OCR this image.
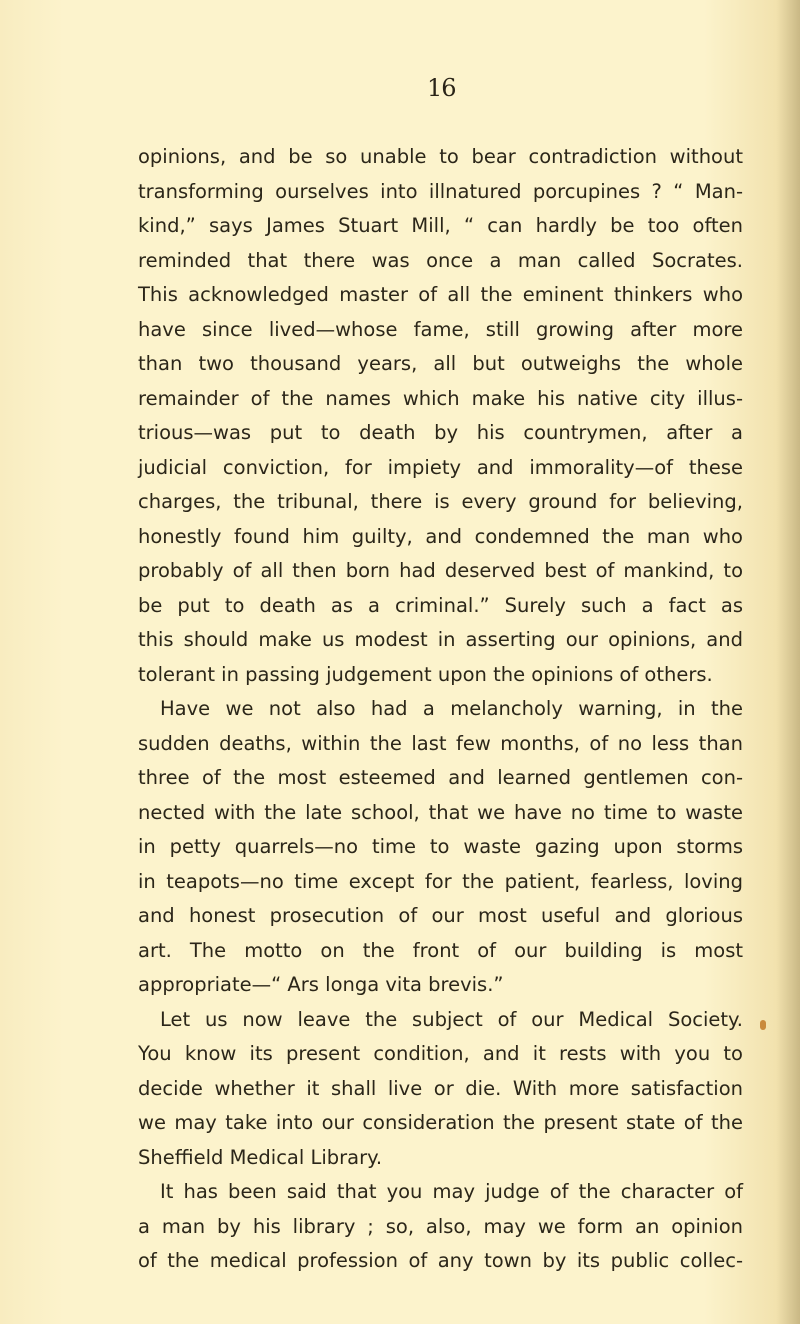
16
opinions, and be so unable to bear contradiction without
transforming ourselves into illnatured porcupines ? “ Man-
kind,” says James Stuart Mill, “ can hardly be too often
reminded that there was once a man called Socrates.
This acknowledged master of all the eminent thinkers who
have since lived—whose fame, still growing after more
than two thousand years, all but outweighs the whole
remainder of the names which make his native city illus-
trious—was put to death by his countrymen, after a
judicial conviction, for impiety and immorality—of these
charges, the tribunal, there is every ground for believing,
honestly found him guilty, and condemned the man who
probably of all then born had deserved best of mankind, to
be put to death as a criminal.” Surely such a fact as
this should make us modest in asserting our opinions, and
tolerant in passing judgement upon the opinions of others.
Have we not also had a melancholy warning, in the
sudden deaths, within the last few months, of no less than
three of the most esteemed and learned gentlemen con-
nected with the late school, that we have no time to waste
in petty quarrels—no time to waste gazing upon storms
in teapots—no time except for the patient, fearless, loving
and honest prosecution of our most useful and glorious
art. The motto on the front of our building is most
appropriate—“ Ars longa vita brevis.”
Let us now leave the subject of our Medical Society.
You know its present condition, and it rests with you to
decide whether it shall live or die. With more satisfaction
we may take into our consideration the present state of the
Sheffield Medical Library.
It has been said that you may judge of the character of
a man by his library ; so, also, may we form an opinion
of the medical profession of any town by its public collec-
